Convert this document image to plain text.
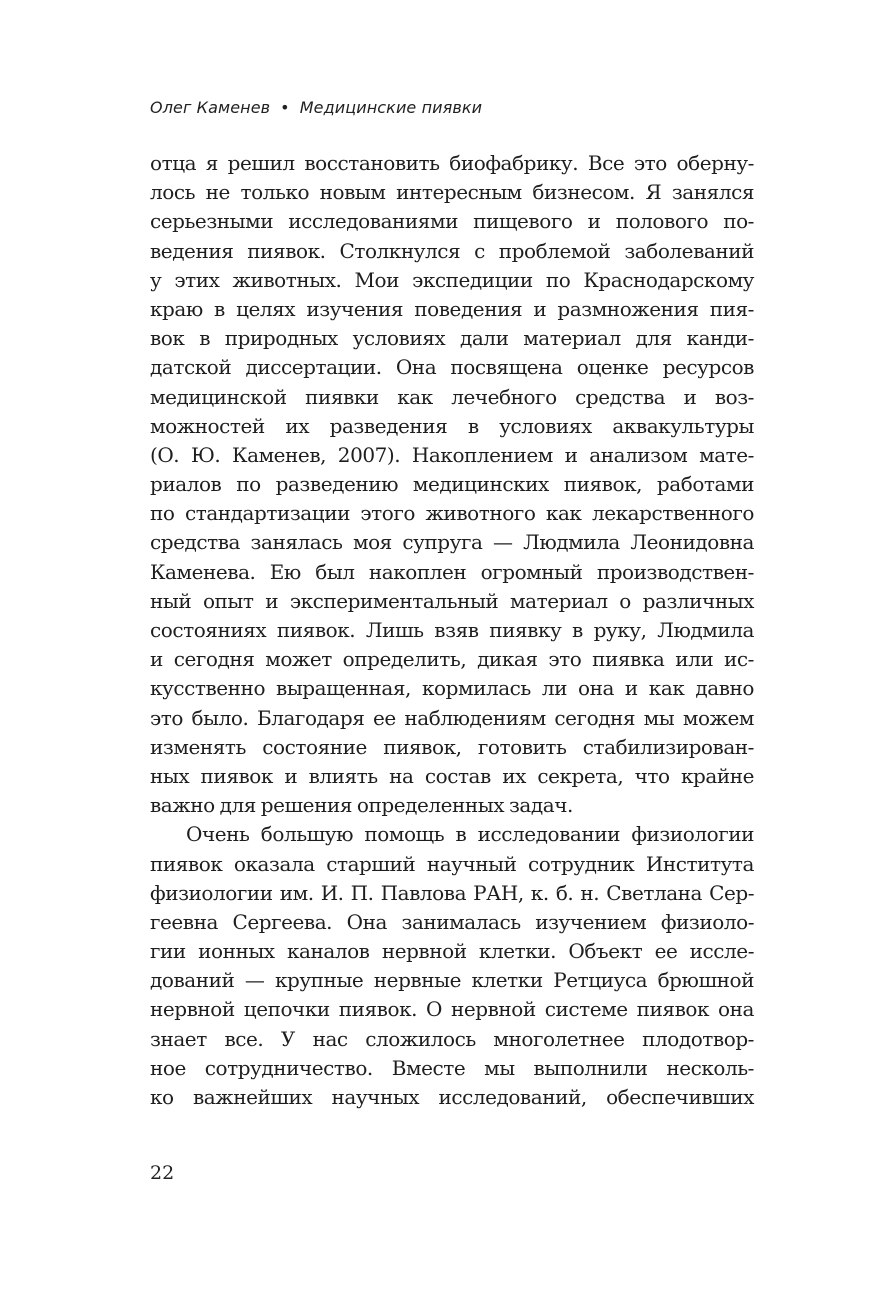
Олег Каменев • Медицинские пиявки
отца я решил восстановить биофабрику. Все это оберну-
лось не только новым интересным бизнесом. Я занялся
серьезными исследованиями пищевого и полового по-
ведения пиявок. Столкнулся с проблемой заболеваний
у этих животных. Мои экспедиции по Краснодарскому
краю в целях изучения поведения и размножения пия-
вок в природных условиях дали материал для канди-
датской диссертации. Она посвящена оценке ресурсов
медицинской пиявки как лечебного средства и воз-
можностей их разведения в условиях аквакультуры
(О. Ю. Каменев, 2007). Накоплением и анализом мате-
риалов по разведению медицинских пиявок, работами
по стандартизации этого животного как лекарственного
средства занялась моя супруга — Людмила Леонидовна
Каменева. Ею был накоплен огромный производствен-
ный опыт и экспериментальный материал о различных
состояниях пиявок. Лишь взяв пиявку в руку, Людмила
и сегодня может определить, дикая это пиявка или ис-
кусственно выращенная, кормилась ли она и как давно
это было. Благодаря ее наблюдениям сегодня мы можем
изменять состояние пиявок, готовить стабилизирован-
ных пиявок и влиять на состав их секрета, что крайне
важно для решения определенных задач.
Очень большую помощь в исследовании физиологии
пиявок оказала старший научный сотрудник Института
физиологии им. И. П. Павлова РАН, к. б. н. Светлана Сер-
геевна Сергеева. Она занималась изучением физиоло-
гии ионных каналов нервной клетки. Объект ее иссле-
дований — крупные нервные клетки Ретциуса брюшной
нервной цепочки пиявок. О нервной системе пиявок она
знает все. У нас сложилось многолетнее плодотвор-
ное сотрудничество. Вместе мы выполнили несколь-
ко важнейших научных исследований, обеспечивших
22
